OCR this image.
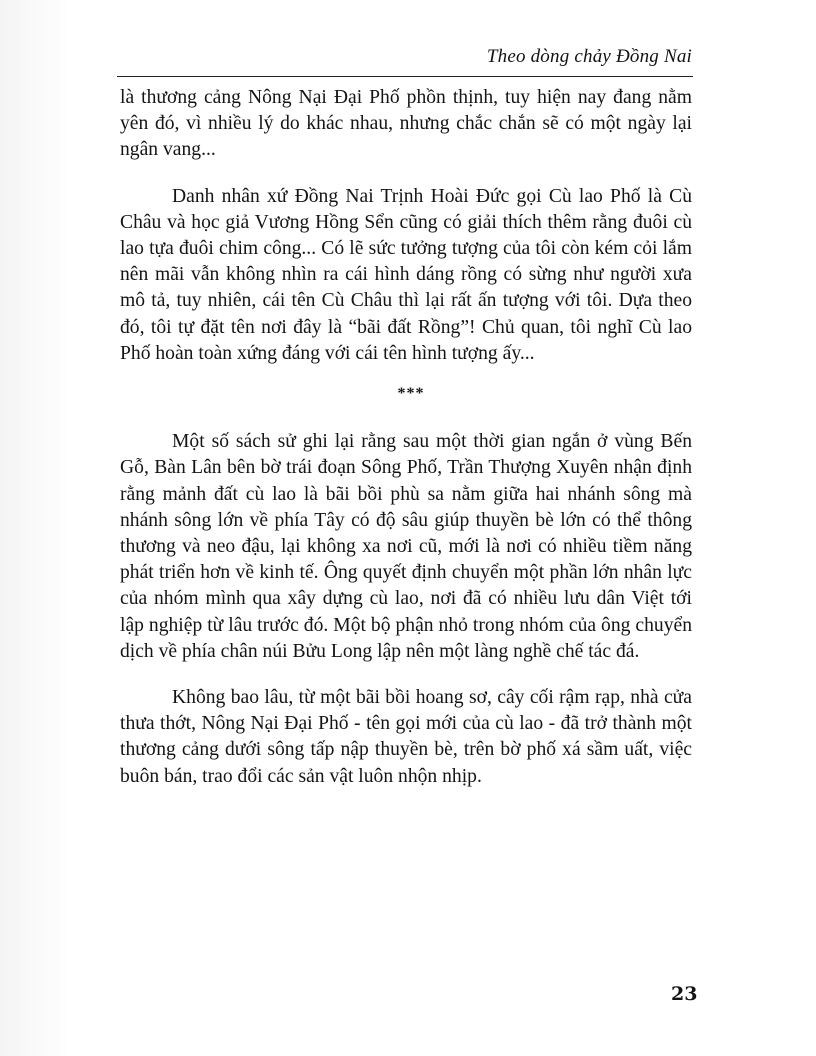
Theo dòng chảy Đồng Nai

là thương cảng Nông Nại Đại Phố phồn thịnh, tuy hiện nay đang nằm yên đó, vì nhiều lý do khác nhau, nhưng chắc chắn sẽ có một ngày lại ngân vang...

Danh nhân xứ Đồng Nai Trịnh Hoài Đức gọi Cù lao Phố là Cù Châu và học giả Vương Hồng Sển cũng có giải thích thêm rằng đuôi cù lao tựa đuôi chim công... Có lẽ sức tưởng tượng của tôi còn kém cỏi lắm nên mãi vẫn không nhìn ra cái hình dáng rồng có sừng như người xưa mô tả, tuy nhiên, cái tên Cù Châu thì lại rất ấn tượng với tôi. Dựa theo đó, tôi tự đặt tên nơi đây là “bãi đất Rồng”! Chủ quan, tôi nghĩ Cù lao Phố hoàn toàn xứng đáng với cái tên hình tượng ấy...

***

Một số sách sử ghi lại rằng sau một thời gian ngắn ở vùng Bến Gỗ, Bàn Lân bên bờ trái đoạn Sông Phố, Trần Thượng Xuyên nhận định rằng mảnh đất cù lao là bãi bồi phù sa nằm giữa hai nhánh sông mà nhánh sông lớn về phía Tây có độ sâu giúp thuyền bè lớn có thể thông thương và neo đậu, lại không xa nơi cũ, mới là nơi có nhiều tiềm năng phát triển hơn về kinh tế. Ông quyết định chuyển một phần lớn nhân lực của nhóm mình qua xây dựng cù lao, nơi đã có nhiều lưu dân Việt tới lập nghiệp từ lâu trước đó. Một bộ phận nhỏ trong nhóm của ông chuyển dịch về phía chân núi Bửu Long lập nên một làng nghề chế tác đá.

Không bao lâu, từ một bãi bồi hoang sơ, cây cối rậm rạp, nhà cửa thưa thớt, Nông Nại Đại Phố - tên gọi mới của cù lao - đã trở thành một thương cảng dưới sông tấp nập thuyền bè, trên bờ phố xá sầm uất, việc buôn bán, trao đổi các sản vật luôn nhộn nhịp.

23
